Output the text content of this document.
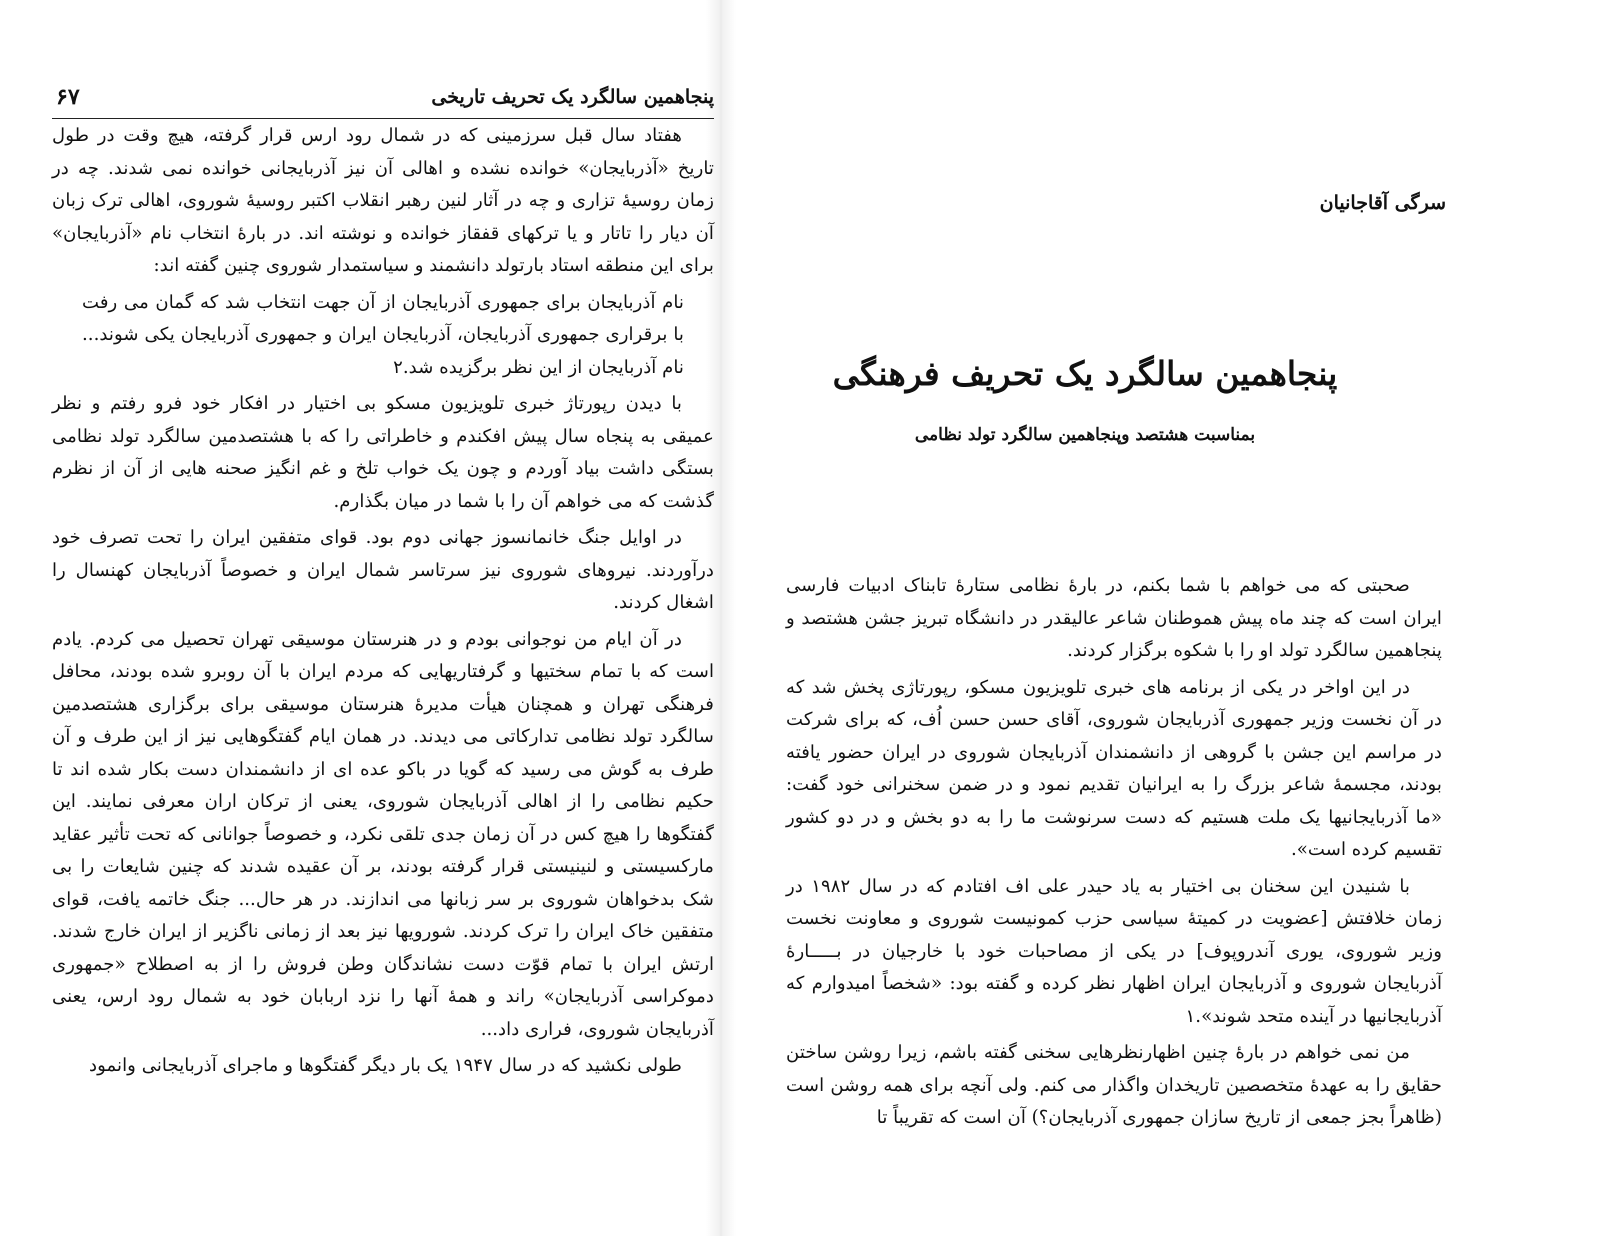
پنجاهمین سالگرد یک تحریف تاریخی
۶۷

هفتاد سال قبل سرزمینی که در شمال رود ارس قرار گرفته، هیچ وقت در طول تاریخ «آذربایجان» خوانده نشده و اهالی آن نیز آذربایجانی خوانده نمی شدند. چه در زمان روسیهٔ تزاری و چه در آثار لنین رهبر انقلاب اکتبر روسیهٔ شوروی، اهالی ترک زبان آن دیار را تاتار و یا ترکهای قفقاز خوانده و نوشته اند. در بارهٔ انتخاب نام «آذربایجان» برای این منطقه استاد بارتولد دانشمند و سیاستمدار شوروی چنین گفته اند:

نام آذربایجان برای جمهوری آذربایجان از آن جهت انتخاب شد که گمان می رفت با برقراری جمهوری آذربایجان، آذربایجان ایران و جمهوری آذربایجان یکی شوند... نام آذربایجان از این نظر برگزیده شد.۲

با دیدن رپورتاژ خبری تلویزیون مسکو بی اختیار در افکار خود فرو رفتم و نظر عمیقی به پنجاه سال پیش افکندم و خاطراتی را که با هشتصدمین سالگرد تولد نظامی بستگی داشت بیاد آوردم و چون یک خواب تلخ و غم انگیز صحنه هایی از آن از نظرم گذشت که می خواهم آن را با شما در میان بگذارم.

در اوایل جنگ خانمانسوز جهانی دوم بود. قوای متفقین ایران را تحت تصرف خود درآوردند. نیروهای شوروی نیز سرتاسر شمال ایران و خصوصاً آذربایجان کهنسال را اشغال کردند.

در آن ایام من نوجوانی بودم و در هنرستان موسیقی تهران تحصیل می کردم. یادم است که با تمام سختیها و گرفتاریهایی که مردم ایران با آن روبرو شده بودند، محافل فرهنگی تهران و همچنان هیأت مدیرهٔ هنرستان موسیقی برای برگزاری هشتصدمین سالگرد تولد نظامی تدارکاتی می دیدند. در همان ایام گفتگوهایی نیز از این طرف و آن طرف به گوش می رسید که گویا در باکو عده ای از دانشمندان دست بکار شده اند تا حکیم نظامی را از اهالی آذربایجان شوروی، یعنی از ترکان اران معرفی نمایند. این گفتگوها را هیچ کس در آن زمان جدی تلقی نکرد، و خصوصاً جوانانی که تحت تأثیر عقاید مارکسیستی و لنینیستی قرار گرفته بودند، بر آن عقیده شدند که چنین شایعات را بی شک بدخواهان شوروی بر سر زبانها می اندازند. در هر حال... جنگ خاتمه یافت، قوای متفقین خاک ایران را ترک کردند. شورویها نیز بعد از زمانی ناگزیر از ایران خارج شدند. ارتش ایران با تمام قوّت دست نشاندگان وطن فروش را از به اصطلاح «جمهوری دموکراسی آذربایجان» راند و همهٔ آنها را نزد اربابان خود به شمال رود ارس، یعنی آذربایجان شوروی، فراری داد...

طولی نکشید که در سال ۱۹۴۷ یک بار دیگر گفتگوها و ماجرای آذربایجانی وانمود

سرگی آقاجانیان
پنجاهمین سالگرد یک تحریف فرهنگی
بمناسبت هشتصد وپنجاهمین سالگرد تولد نظامی

صحبتی که می خواهم با شما بکنم، در بارهٔ نظامی ستارهٔ تابناک ادبیات فارسی ایران است که چند ماه پیش هموطنان شاعر عالیقدر در دانشگاه تبریز جشن هشتصد و پنجاهمین سالگرد تولد او را با شکوه برگزار کردند.

در این اواخر در یکی از برنامه های خبری تلویزیون مسکو، رپورتاژی پخش شد که در آن نخست وزیر جمهوری آذربایجان شوروی، آقای حسن حسن اُف، که برای شرکت در مراسم این جشن با گروهی از دانشمندان آذربایجان شوروی در ایران حضور یافته بودند، مجسمهٔ شاعر بزرگ را به ایرانیان تقدیم نمود و در ضمن سخنرانی خود گفت: «ما آذربایجانیها یک ملت هستیم که دست سرنوشت ما را به دو بخش و در دو کشور تقسیم کرده است».

با شنیدن این سخنان بی اختیار به یاد حیدر علی اف افتادم که در سال ۱۹۸۲ در زمان خلافتش [عضویت در کمیتهٔ سیاسی حزب کمونیست شوروی و معاونت نخست وزیر شوروی، یوری آندروپوف] در یکی از مصاحبات خود با خارجیان در بـــــارهٔ آذربایجان شوروی و آذربایجان ایران اظهار نظر کرده و گفته بود: «شخصاً امیدوارم که آذربایجانیها در آینده متحد شوند».۱

من نمی خواهم در بارهٔ چنین اظهارنظرهایی سخنی گفته باشم، زیرا روشن ساختن حقایق را به عهدهٔ متخصصین تاریخدان واگذار می کنم. ولی آنچه برای همه روشن است (ظاهراً بجز جمعی از تاریخ سازان جمهوری آذربایجان؟) آن است که تقریباً تا
